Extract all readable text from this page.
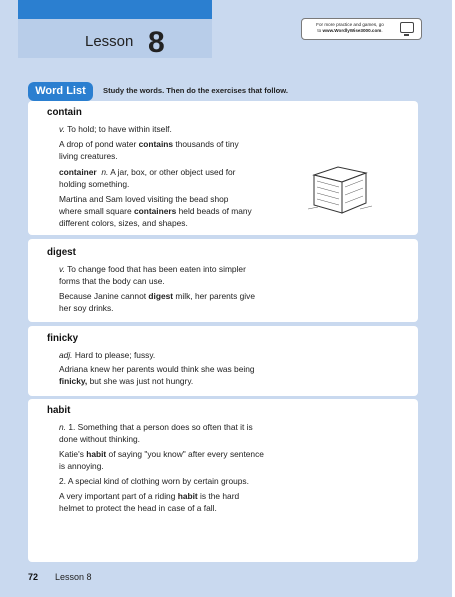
Lesson 8
For more practice and games, go
to www.WordlyWise3000.com.
Word List	Study the words. Then do the exercises that follow.
contain
v. To hold; to have within itself.
A drop of pond water contains thousands of tiny
living creatures.
container n. A jar, box, or other object used for
holding something.
Martina and Sam loved visiting the bead shop
where small square containers held beads of many
different colors, sizes, and shapes.
digest
v. To change food that has been eaten into simpler
forms that the body can use.
Because Janine cannot digest milk, her parents give
her soy drinks.
finicky
adj. Hard to please; fussy.
Adriana knew her parents would think she was being
finicky, but she was just not hungry.
habit
n. 1. Something that a person does so often that it is
done without thinking.
Katie's habit of saying "you know" after every sentence
is annoying.
2. A special kind of clothing worn by certain groups.
A very important part of a riding habit is the hard
helmet to protect the head in case of a fall.
72 Lesson 8
